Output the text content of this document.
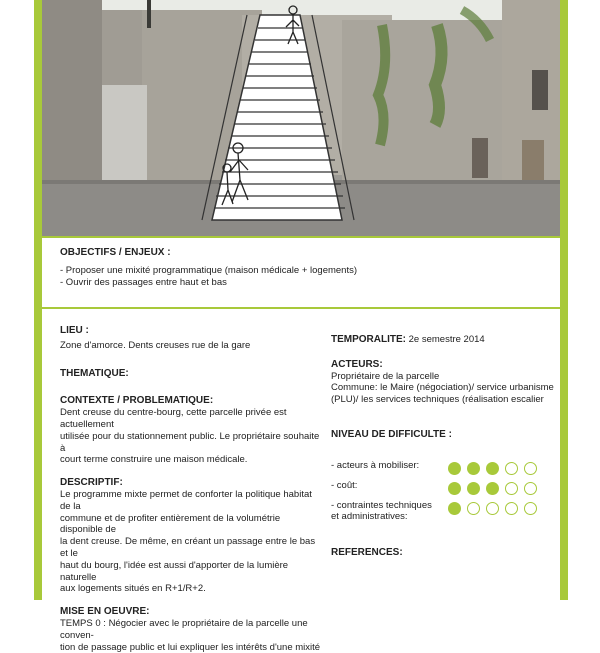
OBJECTIFS / ENJEUX :

- Proposer une mixité programmatique (maison médicale + logements)

- Ouvrir des passages entre haut et bas

LIEU :

Zone d'amorce. Dents creuses rue de la gare

THEMATIQUE:

CONTEXTE / PROBLEMATIQUE:

Dent creuse du centre-bourg, cette parcelle privée est actuellement

utilisée pour du stationnement public. Le propriétaire souhaite à

court terme construire une maison médicale.

DESCRIPTIF:

Le programme mixte permet de conforter la politique habitat de la

commune et de profiter entièrement de la volumétrie disponible de

la dent creuse. De même, en créant un passage entre le bas et le

haut du bourg, l'idée est aussi d'apporter de la lumière naturelle

aux logements situés en R+1/R+2.

MISE EN OEUVRE:

TEMPS 0 : Négocier avec le propriétaire de la parcelle une conven-

tion de passage public et lui expliquer les intérêts d'une mixité

TEMPORALITE: 2e semestre 2014

ACTEURS:

Propriétaire de la parcelle

Commune: le Maire (négociation)/ service urbanisme

(PLU)/ les services techniques (réalisation escalier

NIVEAU DE DIFFICULTE :

- acteurs à mobiliser:

- coût:

- contraintes techniques

et administratives:

REFERENCES:
